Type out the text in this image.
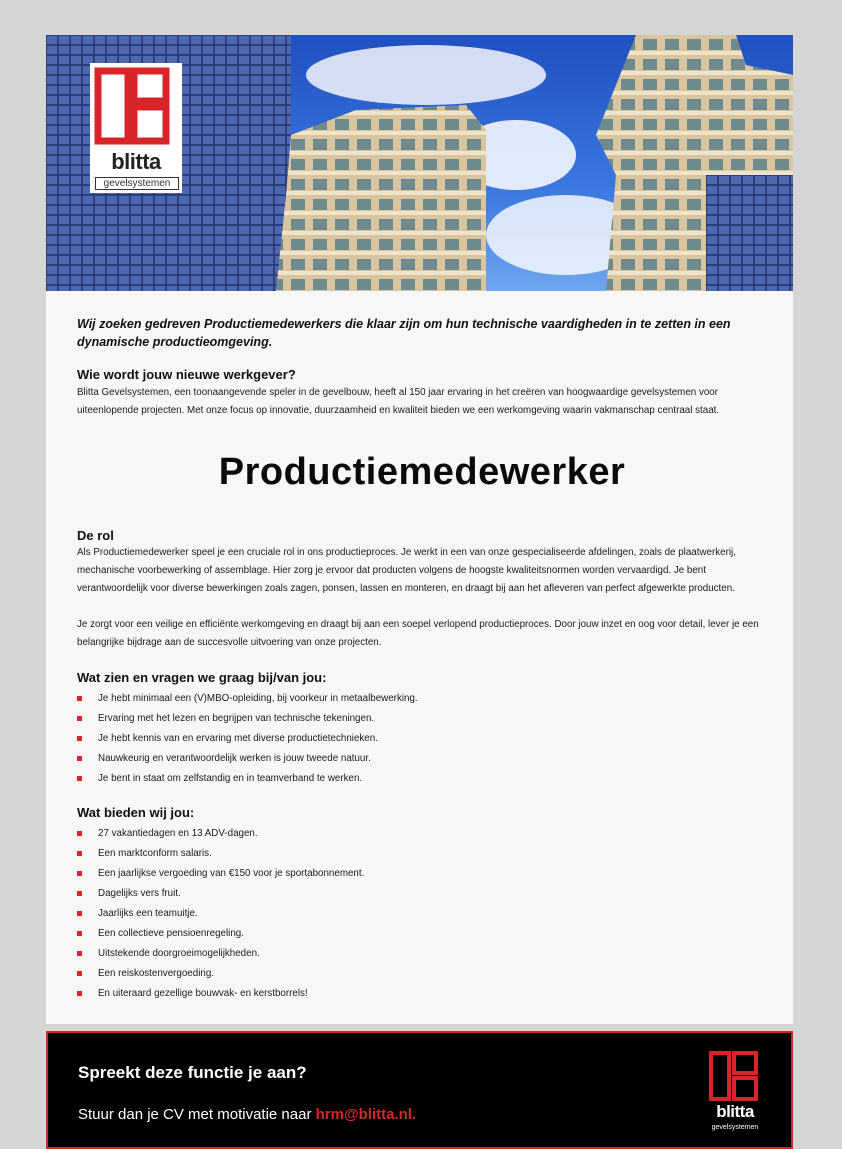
blitta
gevelsystemen
Wij zoeken gedreven Productiemedewerkers die klaar zijn om hun technische vaardigheden in te zetten in een dynamische productieomgeving.
Wie wordt jouw nieuwe werkgever?

Blitta Gevelsystemen, een toonaangevende speler in de gevelbouw, heeft al 150 jaar ervaring in het creëren van hoogwaardige gevelsystemen voor uiteenlopende projecten. Met onze focus op innovatie, duurzaamheid en kwaliteit bieden we een werkomgeving waarin vakmanschap centraal staat.

Productiemedewerker
De rol

Als Productiemedewerker speel je een cruciale rol in ons productieproces. Je werkt in een van onze gespecialiseerde afdelingen, zoals de plaatwerkerij, mechanische voorbewerking of assemblage. Hier zorg je ervoor dat producten volgens de hoogste kwaliteitsnormen worden vervaardigd. Je bent verantwoordelijk voor diverse bewerkingen zoals zagen, ponsen, lassen en monteren, en draagt bij aan het afleveren van perfect afgewerkte producten.

Je zorgt voor een veilige en efficiënte werkomgeving en draagt bij aan een soepel verlopend productieproces. Door jouw inzet en oog voor detail, lever je een belangrijke bijdrage aan de succesvolle uitvoering van onze projecten.

Wat zien en vragen we graag bij/van jou:
Je hebt minimaal een (V)MBO-opleiding, bij voorkeur in metaalbewerking.
Ervaring met het lezen en begrijpen van technische tekeningen.
Je hebt kennis van en ervaring met diverse productietechnieken.
Nauwkeurig en verantwoordelijk werken is jouw tweede natuur.
Je bent in staat om zelfstandig en in teamverband te werken.
Wat bieden wij jou:
27 vakantiedagen en 13 ADV-dagen.
Een marktconform salaris.
Een jaarlijkse vergoeding van €150 voor je sportabonnement.
Dagelijks vers fruit.
Jaarlijks een teamuitje.
Een collectieve pensioenregeling.
Uitstekende doorgroeimogelijkheden.
Een reiskostenvergoeding.
En uiteraard gezellige bouwvak- en kerstborrels!
Spreekt deze functie je aan?
Stuur dan je CV met motivatie naar hrm@blitta.nl.	blitta
gevelsystemen
